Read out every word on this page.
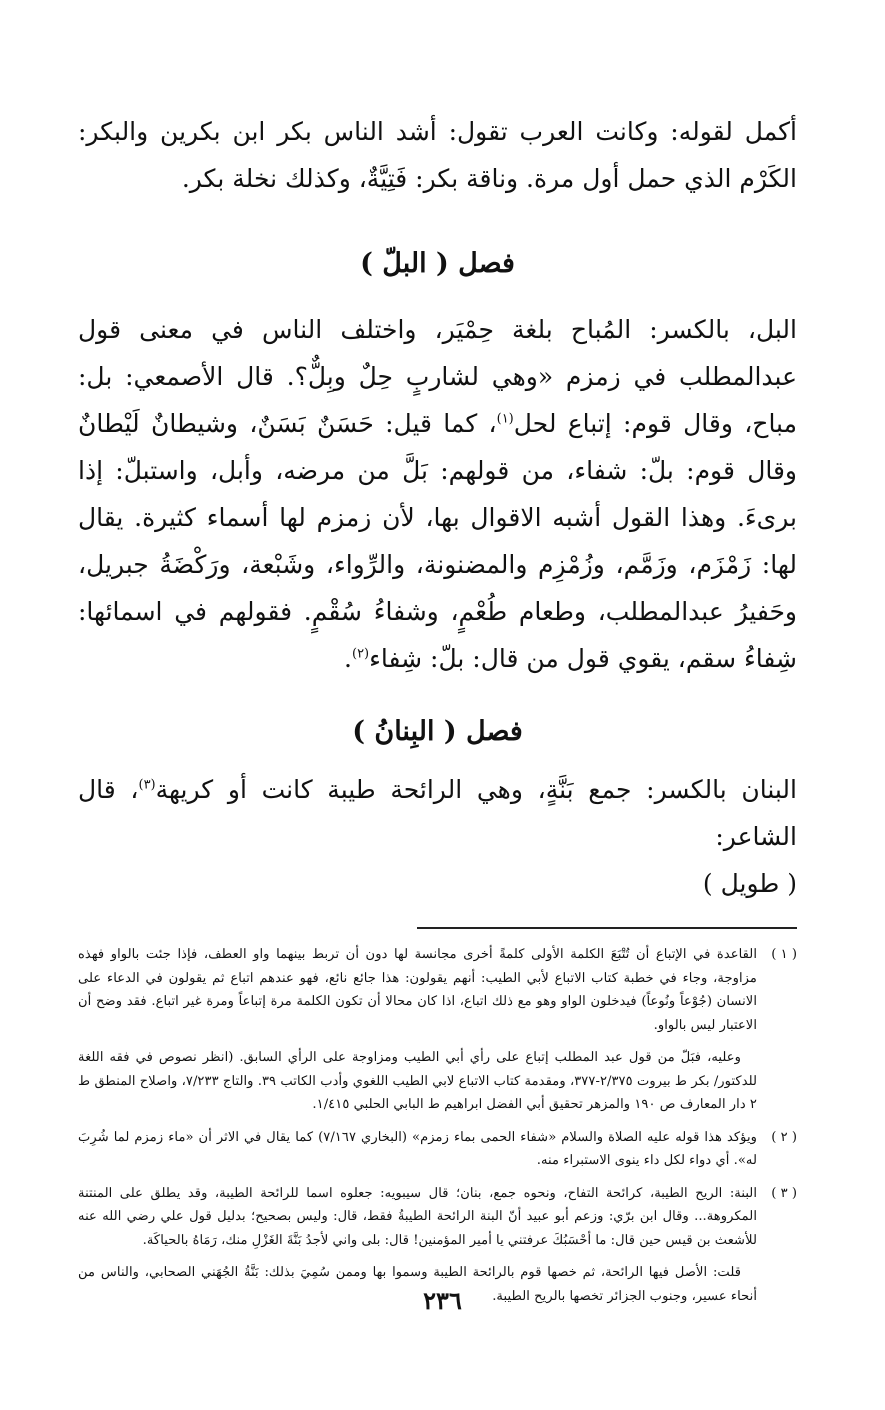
أكمل لقوله: وكانت العرب تقول: أشد الناس بكر ابن بكرين والبكر: الكَرْم الذي حمل أول مرة. وناقة بكر: فَتِيَّةٌ، وكذلك نخلة بكر.

فصل ( البلّ )

البل، بالكسر: المُباح بلغة حِمْيَر، واختلف الناس في معنى قول عبدالمطلب في زمزم «وهي لشاربٍ حِلٌ وبِلٌّ؟. قال الأصمعي: بل: مباح، وقال قوم: إتباع لحل$^{(١)}$، كما قيل: حَسَنٌ بَسَنٌ، وشيطانٌ لَيْطانٌ وقال قوم: بلّ: شفاء، من قولهم: بَلَّ من مرضه، وأبل، واستبلّ: إذا برىءَ. وهذا القول أشبه الاقوال بها، لأن زمزم لها أسماء كثيرة. يقال لها: زَمْزَم، وزَمَّم، وزُمْزِم والمضنونة، والرِّواء، وشَبْعة، ورَكْضَةُ جبريل، وحَفيرُ عبدالمطلب، وطعام طُعْمٍ، وشفاءُ سُقْمٍ. فقولهم في اسمائها: شِفاءُ سقم، يقوي قول من قال: بلّ: شِفاء$^{(٢)}$.

فصل ( البِنانُ )

البنان بالكسر: جمع بَنَّةٍ، وهي الرائحة طيبة كانت أو كريهة$^{(٣)}$، قال الشاعر:
( طويل )

( ١ )

القاعدة في الإتباع أن تُتْبَعَ الكلمة الأولى كلمةً أخرى مجانسة لها دون أن تربط بينهما واو العطف، فإذا جئت بالواو فهذه مزاوجة، وجاء في خطبة كتاب الاتباع لأبي الطيب: أنهم يقولون: هذا جائع نائع، فهو عندهم اتباع ثم يقولون في الدعاء على الانسان (جُوْعاً ونُوعاً) فيدخلون الواو وهو مع ذلك اتباع، اذا كان محالا أن تكون الكلمة مرة إتباعاً ومرة غير اتباع. فقد وضح أن الاعتبار ليس بالواو.

وعليه، فبَلّ من قول عبد المطلب إتباع على رأي أبي الطيب ومزاوجة على الرأي السابق. (انظر نصوص في فقه اللغة للدكتور/ بكر ط بيروت ٢/٣٧٥-٣٧٧، ومقدمة كتاب الاتباع لابي الطيب اللغوي وأدب الكاتب ٣٩. والتاج ٧/٢٣٣، واصلاح المنطق ط ٢ دار المعارف ص ١٩٠ والمزهر تحقيق أبي الفضل ابراهيم ط البابي الحلبي ١/٤١٥.

( ٢ )

ويؤكد هذا قوله عليه الصلاة والسلام «شفاء الحمى بماء زمزم» (البخاري ٧/١٦٧) كما يقال في الاثر أن «ماء زمزم لما شُرِبَ له». أي دواء لكل داء ينوى الاستبراء منه.

( ٣ )

البنة: الريح الطيبة، كرائحة التفاح، ونحوه جمع، بنان؛ قال سيبويه: جعلوه اسما للرائحة الطيبة، وقد يطلق على المنتنة المكروهة... وقال ابن برّي: وزعم أبو عبيد أنّ البنة الرائحة الطيبةُ فقط، قال: وليس بصحيح؛ بدليل قول علي رضي الله عنه للأشعث بن قيس حين قال: ما أحْسَبُكَ عرفتني يا أمير المؤمنين! قال: بلى واني لأجدُ بَنَّةَ الغَزْلِ منك، رَمَاهُ بالحياكَة.

قلت: الأصل فيها الرائحة، ثم خصها قوم بالرائحة الطيبة وسموا بها وممن سُمِيَ بذلك: بَنَّةُ الجُهَني الصحابي، والناس من أنحاء عسير، وجنوب الجزائر تخصها بالريح الطيبة.

٢٣٦
